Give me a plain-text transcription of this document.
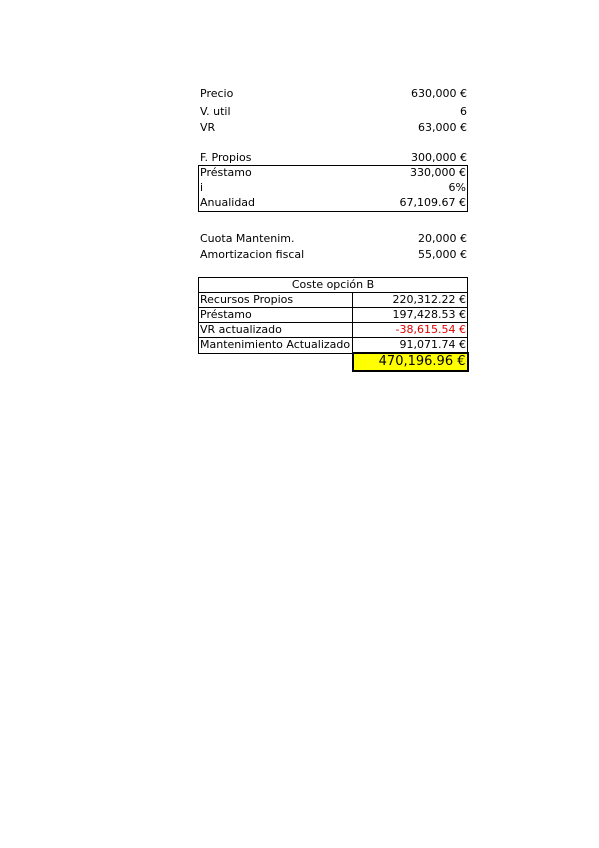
Precio	630,000 €
V. util	6
VR	63,000 €
F. Propios	300,000 €
Préstamo	330,000 €
i	6%
Anualidad	67,109.67 €
Cuota Mantenim.	20,000 €
Amortizacion fiscal	55,000 €
Coste opción B	
Recursos Propios	220,312.22 €
Préstamo	197,428.53 €
VR actualizado	-38,615.54 €
Mantenimiento Actualizado	91,071.74 €
	470,196.96 €
